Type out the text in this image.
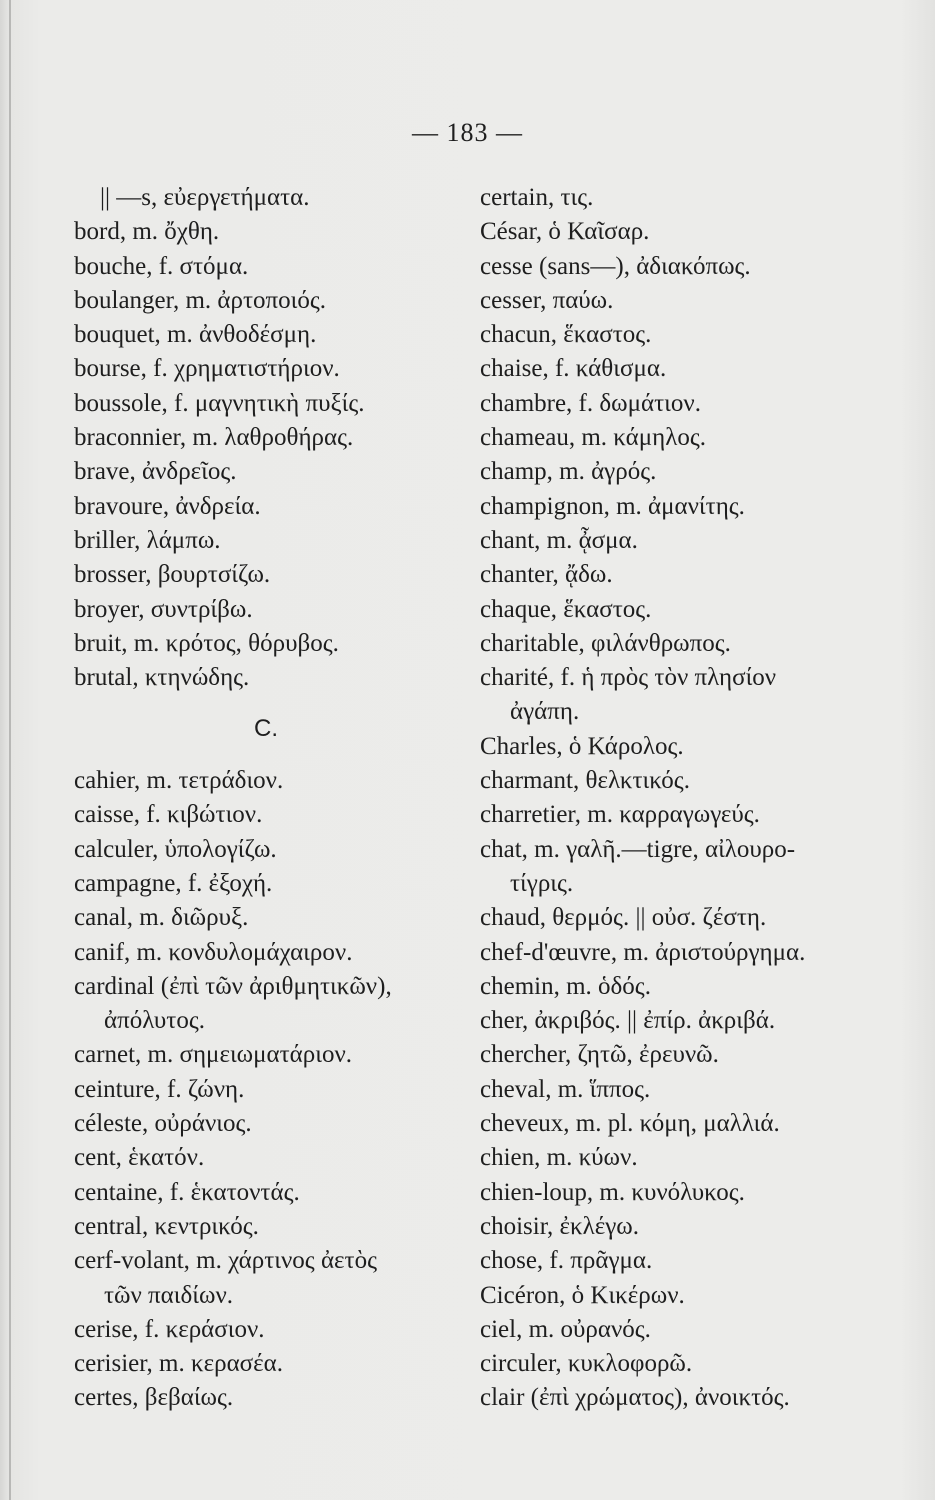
— 183 —
|| —s, εὐεργετήματα.
bord, m. ὄχθη.
bouche, f. στόμα.
boulanger, m. ἀρτοποιός.
bouquet, m. ἀνθοδέσμη.
bourse, f. χρηματιστήριον.
boussole, f. μαγνητικὴ πυξίς.
braconnier, m. λαθροθήρας.
brave, ἀνδρεῖος.
bravoure, ἀνδρεία.
briller, λάμπω.
brosser, βουρτσίζω.
broyer, συντρίβω.
bruit, m. κρότος, θόρυβος.
brutal, κτηνώδης.
C.
cahier, m. τετράδιον.
caisse, f. κιβώτιον.
calculer, ὑπολογίζω.
campagne, f. ἐξοχή.
canal, m. διῶρυξ.
canif, m. κονδυλομάχαιρον.
cardinal (ἐπὶ τῶν ἀριθμητικῶν),
ἀπόλυτος.
carnet, m. σημειωματάριον.
ceinture, f. ζώνη.
céleste, οὐράνιος.
cent, ἑκατόν.
centaine, f. ἑκατοντάς.
central, κεντρικός.
cerf-volant, m. χάρτινος ἀετὸς
τῶν παιδίων.
cerise, f. κεράσιον.
cerisier, m. κερασέα.
certes, βεβαίως.
certain, τις.
César, ὁ Καῖσαρ.
cesse (sans—), ἀδιακόπως.
cesser, παύω.
chacun, ἕκαστος.
chaise, f. κάθισμα.
chambre, f. δωμάτιον.
chameau, m. κάμηλος.
champ, m. ἀγρός.
champignon, m. ἀμανίτης.
chant, m. ᾆσμα.
chanter, ᾄδω.
chaque, ἕκαστος.
charitable, φιλάνθρωπος.
charité, f. ἡ πρὸς τὸν πλησίον
ἀγάπη.
Charles, ὁ Κάρολος.
charmant, θελκτικός.
charretier, m. καρραγωγεύς.
chat, m. γαλῆ.—tigre, αἰλουρο-
τίγρις.
chaud, θερμός. || οὐσ. ζέστη.
chef-d'œuvre, m. ἀριστούργημα.
chemin, m. ὁδός.
cher, ἀκριβός. || ἐπίρ. ἀκριβά.
chercher, ζητῶ, ἐρευνῶ.
cheval, m. ἵππος.
cheveux, m. pl. κόμη, μαλλιά.
chien, m. κύων.
chien-loup, m. κυνόλυκος.
choisir, ἐκλέγω.
chose, f. πρᾶγμα.
Cicéron, ὁ Κικέρων.
ciel, m. οὐρανός.
circuler, κυκλοφορῶ.
clair (ἐπὶ χρώματος), ἀνοικτός.
